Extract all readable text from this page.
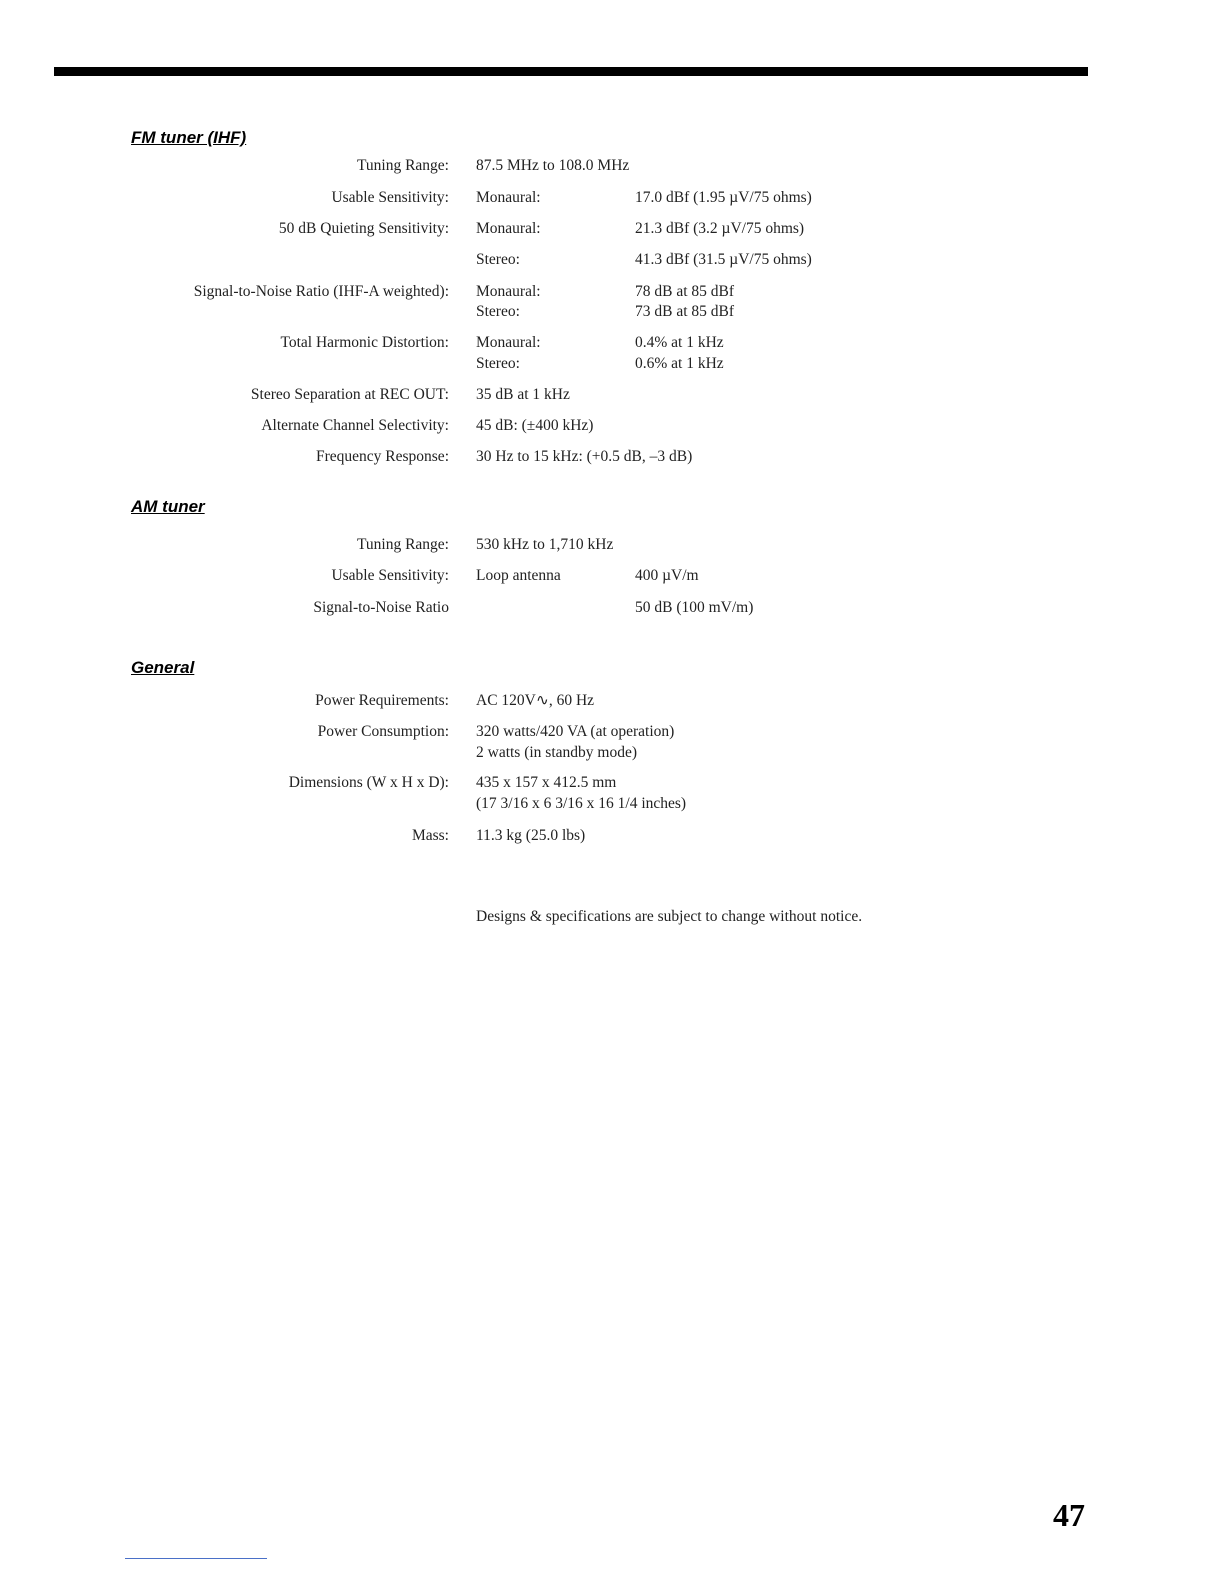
FM tuner (IHF)
Tuning Range: 87.5 MHz to 108.0 MHz
Usable Sensitivity: Monaural:	17.0 dBf (1.95 µV/75 ohms)
50 dB Quieting Sensitivity: Monaural:	21.3 dBf (3.2 µV/75 ohms)
Stereo:	41.3 dBf (31.5 µV/75 ohms)
Signal-to-Noise Ratio (IHF-A weighted): Monaural:	78 dB at 85 dBf
Stereo:	73 dB at 85 dBf
Total Harmonic Distortion: Monaural:	0.4% at 1 kHz
Stereo:	0.6% at 1 kHz
Stereo Separation at REC OUT: 35 dB at 1 kHz
Alternate Channel Selectivity: 45 dB: (±400 kHz)
Frequency Response: 30 Hz to 15 kHz: (+0.5 dB, –3 dB)
AM tuner
Tuning Range: 530 kHz to 1,710 kHz
Usable Sensitivity: Loop antenna	400 µV/m
Signal-to-Noise Ratio	50 dB (100 mV/m)
General
Power Requirements: AC 120V∿, 60 Hz
Power Consumption: 320 watts/420 VA (at operation)
2 watts (in standby mode)
Dimensions (W x H x D): 435 x 157 x 412.5 mm
(17 3/16 x 6 3/16 x 16 1/4 inches)
Mass: 11.3 kg (25.0 lbs)
Designs & specifications are subject to change without notice.
47
